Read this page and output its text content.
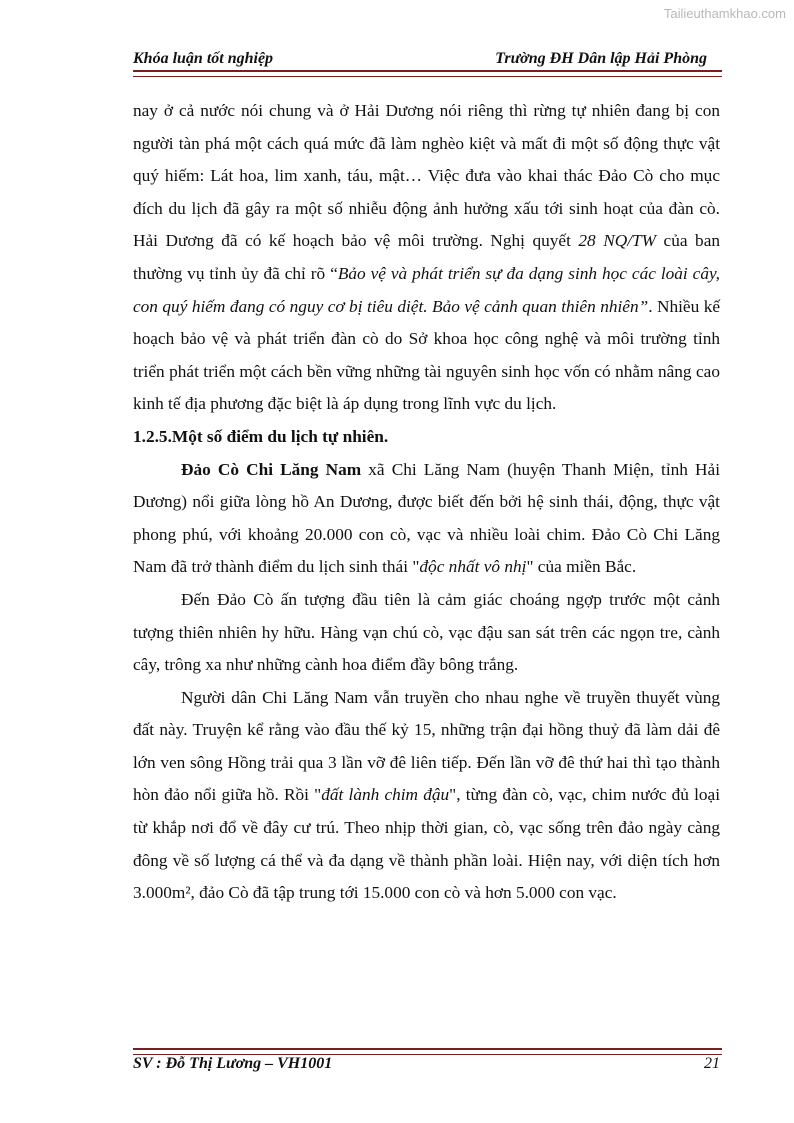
Tailieuthamkhao.com
Khóa luận tốt nghiệp	Trường ĐH Dân lập Hải Phòng

nay ở cả nước nói chung và ở Hải Dương nói riêng thì rừng tự nhiên đang bị con người tàn phá một cách quá mức đã làm nghèo kiệt và mất đi một số động thực vật quý hiếm: Lát hoa, lim xanh, táu, mật… Việc đưa vào khai thác Đảo Cò cho mục đích du lịch đã gây ra một số nhiễu động ảnh hưởng xấu tới sinh hoạt của đàn cò. Hải Dương đã có kế hoạch bảo vệ môi trường. Nghị quyết 28 NQ/TW của ban thường vụ tỉnh ủy đã chỉ rõ “Bảo vệ và phát triển sự đa dạng sinh học các loài cây, con quý hiếm đang có nguy cơ bị tiêu diệt. Bảo vệ cảnh quan thiên nhiên”. Nhiều kế hoạch bảo vệ và phát triển đàn cò do Sở khoa học công nghệ và môi trường tỉnh triển phát triển một cách bền vững những tài nguyên sinh học vốn có nhằm nâng cao kinh tế địa phương đặc biệt là áp dụng trong lĩnh vực du lịch.

1.2.5.Một số điểm du lịch tự nhiên.

Đảo Cò Chi Lăng Nam xã Chi Lăng Nam (huyện Thanh Miện, tỉnh Hải Dương) nổi giữa lòng hồ An Dương, được biết đến bởi hệ sinh thái, động, thực vật phong phú, với khoảng 20.000 con cò, vạc và nhiều loài chim. Đảo Cò Chi Lăng Nam đã trở thành điểm du lịch sinh thái "độc nhất vô nhị" của miền Bắc.

Đến Đảo Cò ấn tượng đầu tiên là cảm giác choáng ngợp trước một cảnh tượng thiên nhiên hy hữu. Hàng vạn chú cò, vạc đậu san sát trên các ngọn tre, cành cây, trông xa như những cành hoa điểm đầy bông trắng.

Người dân Chi Lăng Nam vẫn truyền cho nhau nghe về truyền thuyết vùng đất này. Truyện kể rằng vào đầu thế kỷ 15, những trận đại hồng thuỷ đã làm dải đê lớn ven sông Hồng trải qua 3 lần vỡ đê liên tiếp. Đến lần vỡ đê thứ hai thì tạo thành hòn đảo nổi giữa hồ. Rồi "đất lành chim đậu", từng đàn cò, vạc, chim nước đủ loại từ khắp nơi đổ về đây cư trú. Theo nhịp thời gian, cò, vạc sống trên đảo ngày càng đông về số lượng cá thể và đa dạng về thành phần loài. Hiện nay, với diện tích hơn 3.000m², đảo Cò đã tập trung tới 15.000 con cò và hơn 5.000 con vạc.

SV : Đỗ Thị Lương – VH1001	21
